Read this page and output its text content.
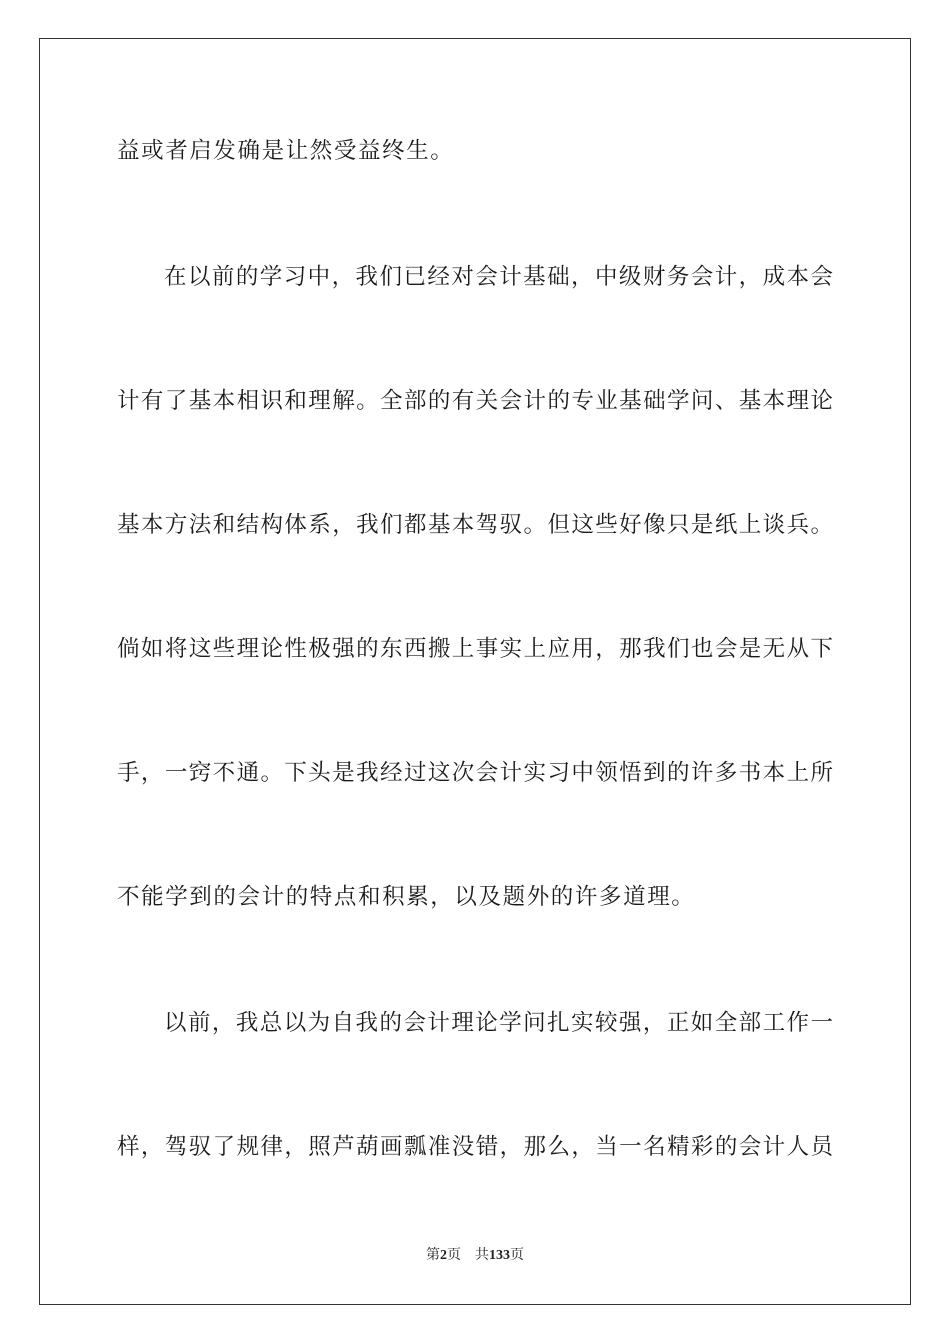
益或者启发确是让然受益终生。

在以前的学习中，我们已经对会计基础，中级财务会计，成本会

计有了基本相识和理解。全部的有关会计的专业基础学问、基本理论

基本方法和结构体系，我们都基本驾驭。但这些好像只是纸上谈兵。

倘如将这些理论性极强的东西搬上事实上应用，那我们也会是无从下

手，一窍不通。下头是我经过这次会计实习中领悟到的许多书本上所

不能学到的会计的特点和积累，以及题外的许多道理。

以前，我总以为自我的会计理论学问扎实较强，正如全部工作一

样，驾驭了规律，照芦葫画瓢准没错，那么，当一名精彩的会计人员

第2页 共133页
